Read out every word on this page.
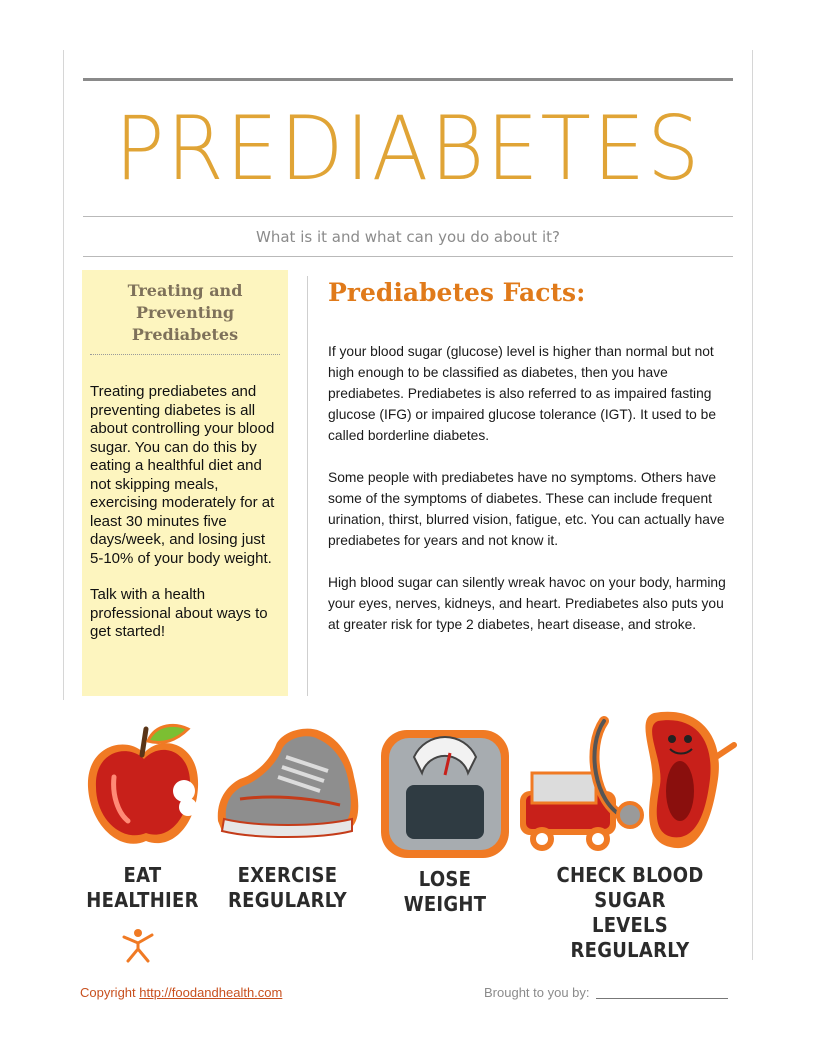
PREDIABETES
What is it and what can you do about it?
Treating and Preventing Prediabetes

Treating prediabetes and preventing diabetes is all about controlling your blood sugar. You can do this by eating a healthful diet and not skipping meals, exercising moderately for at least 30 minutes five days/week, and losing just 5-10% of your body weight.

Talk with a health professional about ways to get started!

Prediabetes Facts:

If your blood sugar (glucose) level is higher than normal but not high enough to be classified as diabetes, then you have prediabetes. Prediabetes is also referred to as impaired fasting glucose (IFG) or impaired glucose tolerance (IGT). It used to be called borderline diabetes.

Some people with prediabetes have no symptoms. Others have some of the symptoms of diabetes. These can include frequent urination, thirst, blurred vision, fatigue, etc. You can actually have prediabetes for years and not know it.

High blood sugar can silently wreak havoc on your body, harming your eyes, nerves, kidneys, and heart. Prediabetes also puts you at greater risk for type 2 diabetes, heart disease, and stroke.

EAT
HEALTHIER
EXERCISE
REGULARLY
LOSE
WEIGHT
CHECK BLOOD
SUGAR LEVELS
REGULARLY
Copyright http://foodandhealth.com	Brought to you by:
